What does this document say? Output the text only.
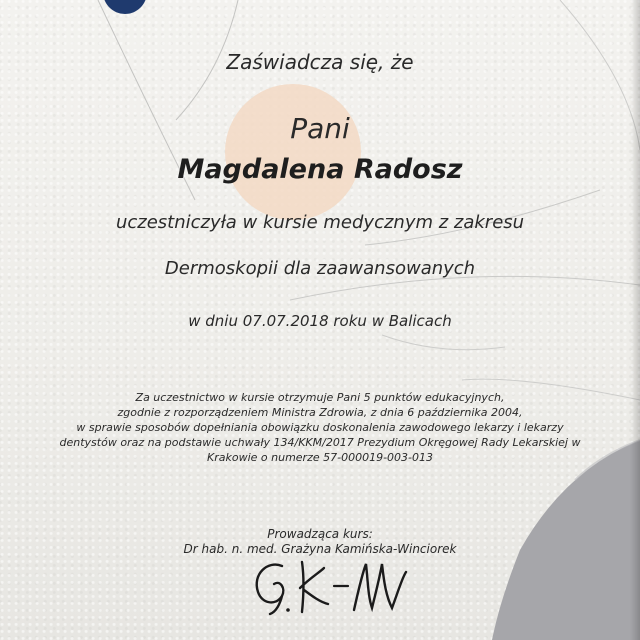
Zaświadcza się, że
Pani
Magdalena Radosz
uczestniczyła w kursie medycznym z zakresu
Dermoskopii dla zaawansowanych
w dniu 07.07.2018 roku w Balicach
Za uczestnictwo w kursie otrzymuje Pani 5 punktów edukacyjnych,
zgodnie z rozporządzeniem Ministra Zdrowia, z dnia 6 października 2004,
w sprawie sposobów dopełniania obowiązku doskonalenia zawodowego lekarzy i lekarzy
dentystów oraz na podstawie uchwały 134/KKM/2017 Prezydium Okręgowej Rady Lekarskiej w
Krakowie o numerze 57-000019-003-013
Prowadząca kurs:
Dr hab. n. med. Grażyna Kamińska-Winciorek
